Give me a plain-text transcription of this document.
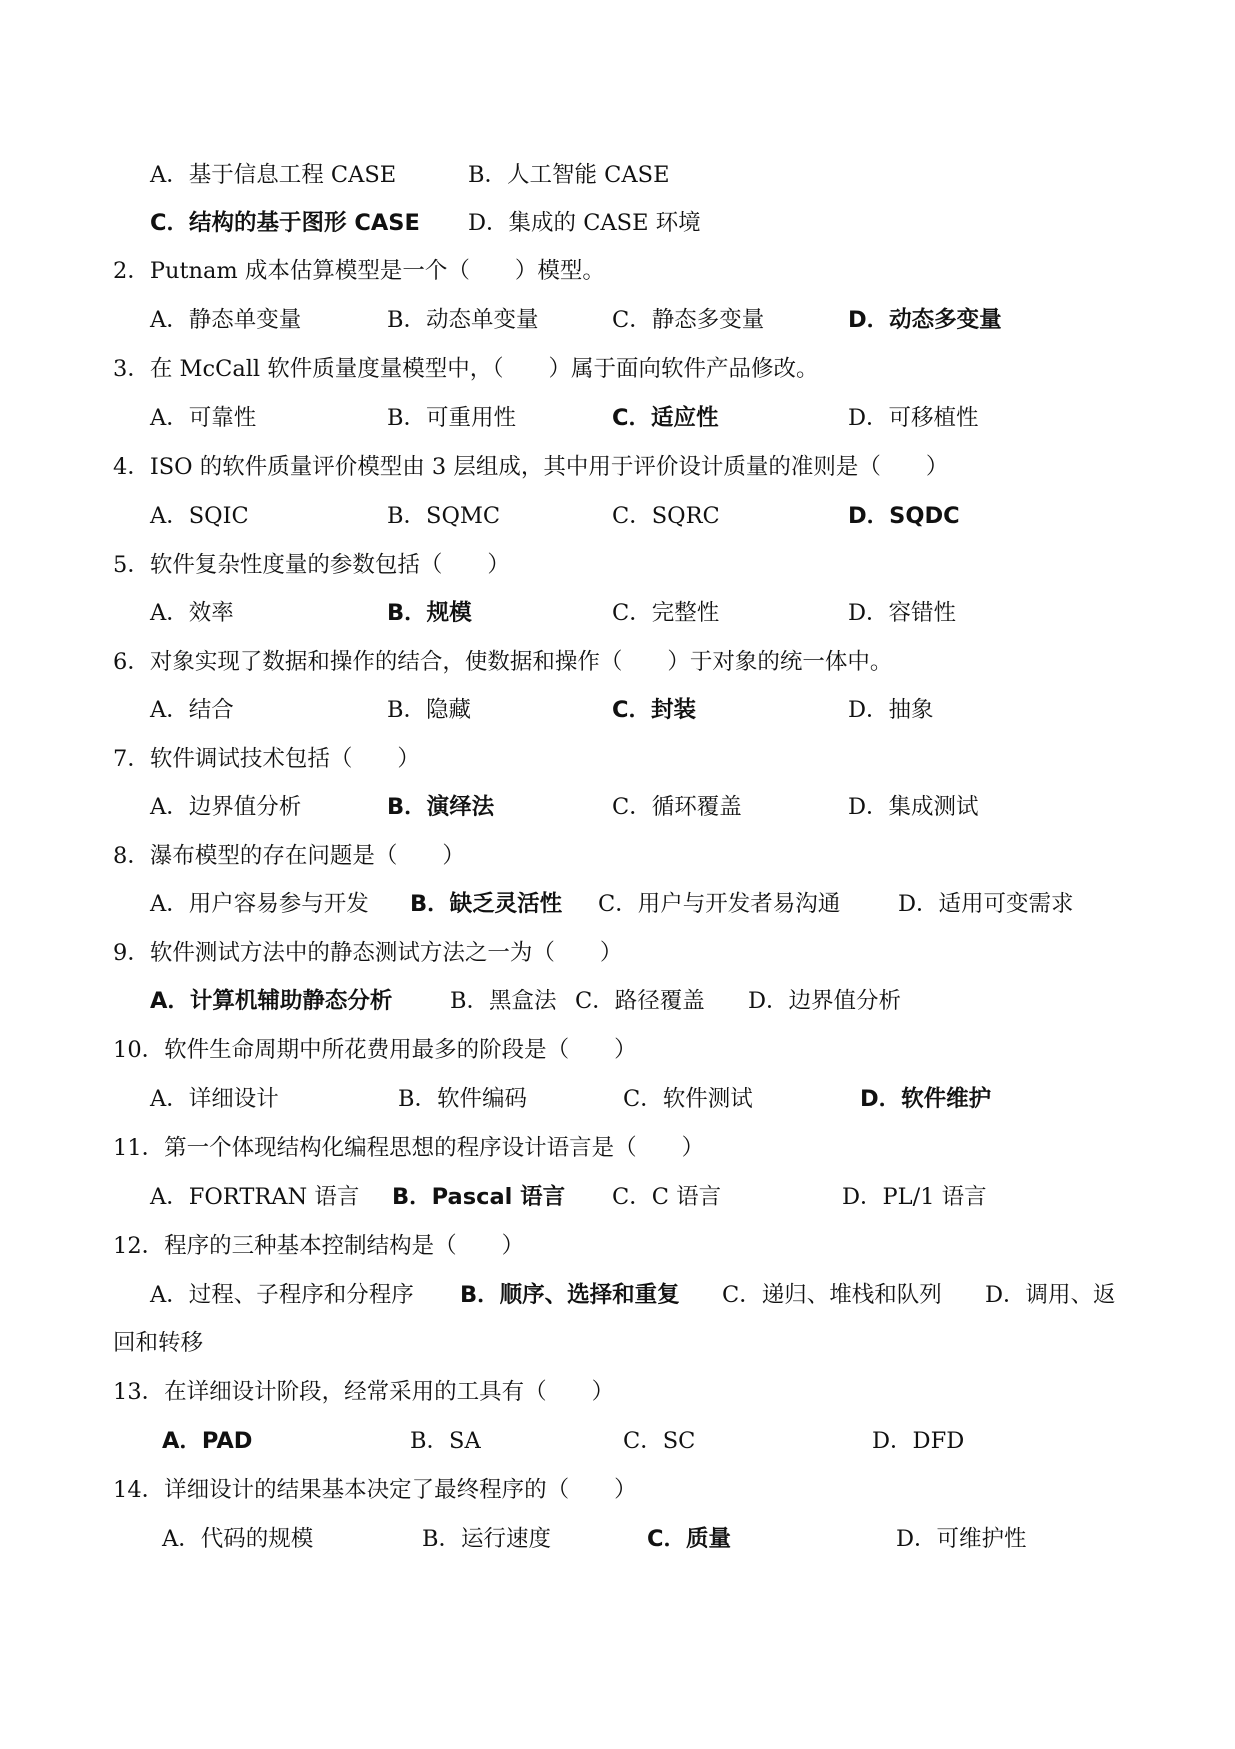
A．基于信息工程 CASE	B．人工智能 CASE
C．结构的基于图形 CASE D．集成的 CASE 环境
2．Putnam 成本估算模型是一个（　　）模型。
A．静态单变量	B．动态单变量	C．静态多变量	D．动态多变量
3．在 McCall 软件质量度量模型中，（　　）属于面向软件产品修改。
A．可靠性	B．可重用性	C．适应性	D．可移植性
4．ISO 的软件质量评价模型由 3 层组成，其中用于评价设计质量的准则是（　　）
A．SQIC	B．SQMC	C．SQRC	D．SQDC
5．软件复杂性度量的参数包括（　　）
A．效率	B．规模	C．完整性	D．容错性
6．对象实现了数据和操作的结合，使数据和操作（　　）于对象的统一体中。
A．结合	B．隐藏	C．封装	D．抽象
7．软件调试技术包括（　　）
A．边界值分析	B．演绎法	C．循环覆盖	D．集成测试
8．瀑布模型的存在问题是（　　）
A．用户容易参与开发 B．缺乏灵活性 C．用户与开发者易沟通	D．适用可变需求
9．软件测试方法中的静态测试方法之一为（　　）
A．计算机辅助静态分析	B．黑盒法 C．路径覆盖 D．边界值分析
10．软件生命周期中所花费用最多的阶段是（　　）
A．详细设计	B．软件编码	C．软件测试	D．软件维护
11．第一个体现结构化编程思想的程序设计语言是（　　）
A．FORTRAN 语言 B．Pascal 语言 C．C 语言	D．PL/1 语言
12．程序的三种基本控制结构是（　　）
A．过程、子程序和分程序 B．顺序、选择和重复 C．递归、堆栈和队列 D．调用、返
回和转移
13．在详细设计阶段，经常采用的工具有（　　）
A．PAD	B．SA	C．SC	D．DFD
14．详细设计的结果基本决定了最终程序的（　　）
A．代码的规模	B．运行速度	C．质量	D．可维护性
